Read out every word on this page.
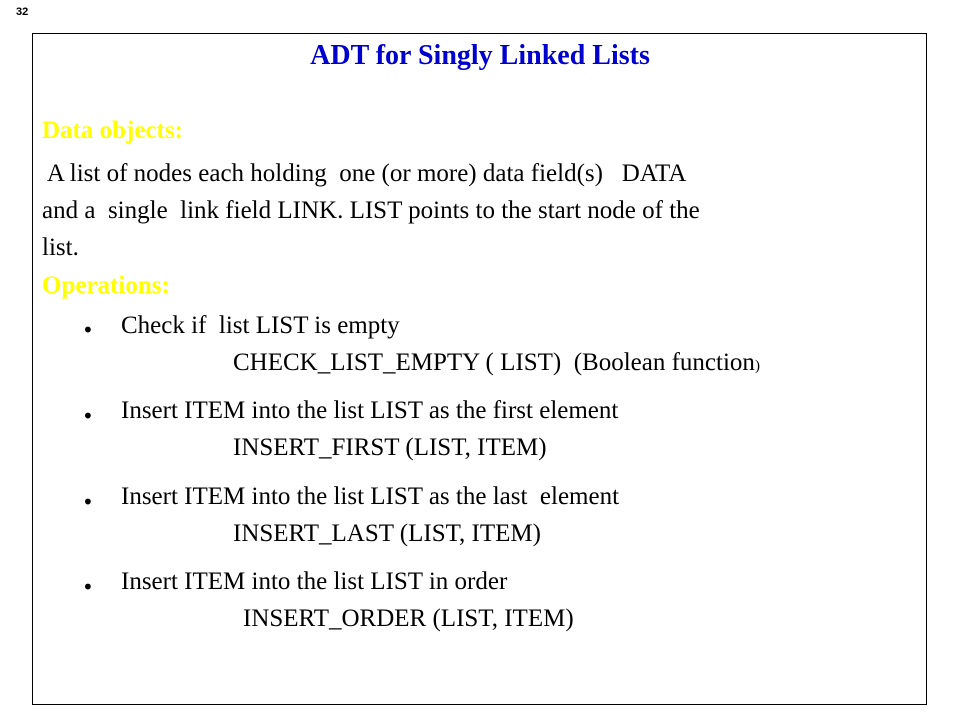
32
ADT for Singly Linked Lists
Data objects:
A list of nodes each holding  one (or more) data field(s)   DATA
and a  single  link field LINK. LIST points to the start node of the
list.
Operations:
• Check if  list LIST is empty
CHECK_LIST_EMPTY ( LIST)  (Boolean function)
• Insert ITEM into the list LIST as the first element
INSERT_FIRST (LIST, ITEM)
• Insert ITEM into the list LIST as the last  element
INSERT_LAST (LIST, ITEM)
• Insert ITEM into the list LIST in order
INSERT_ORDER (LIST, ITEM)
